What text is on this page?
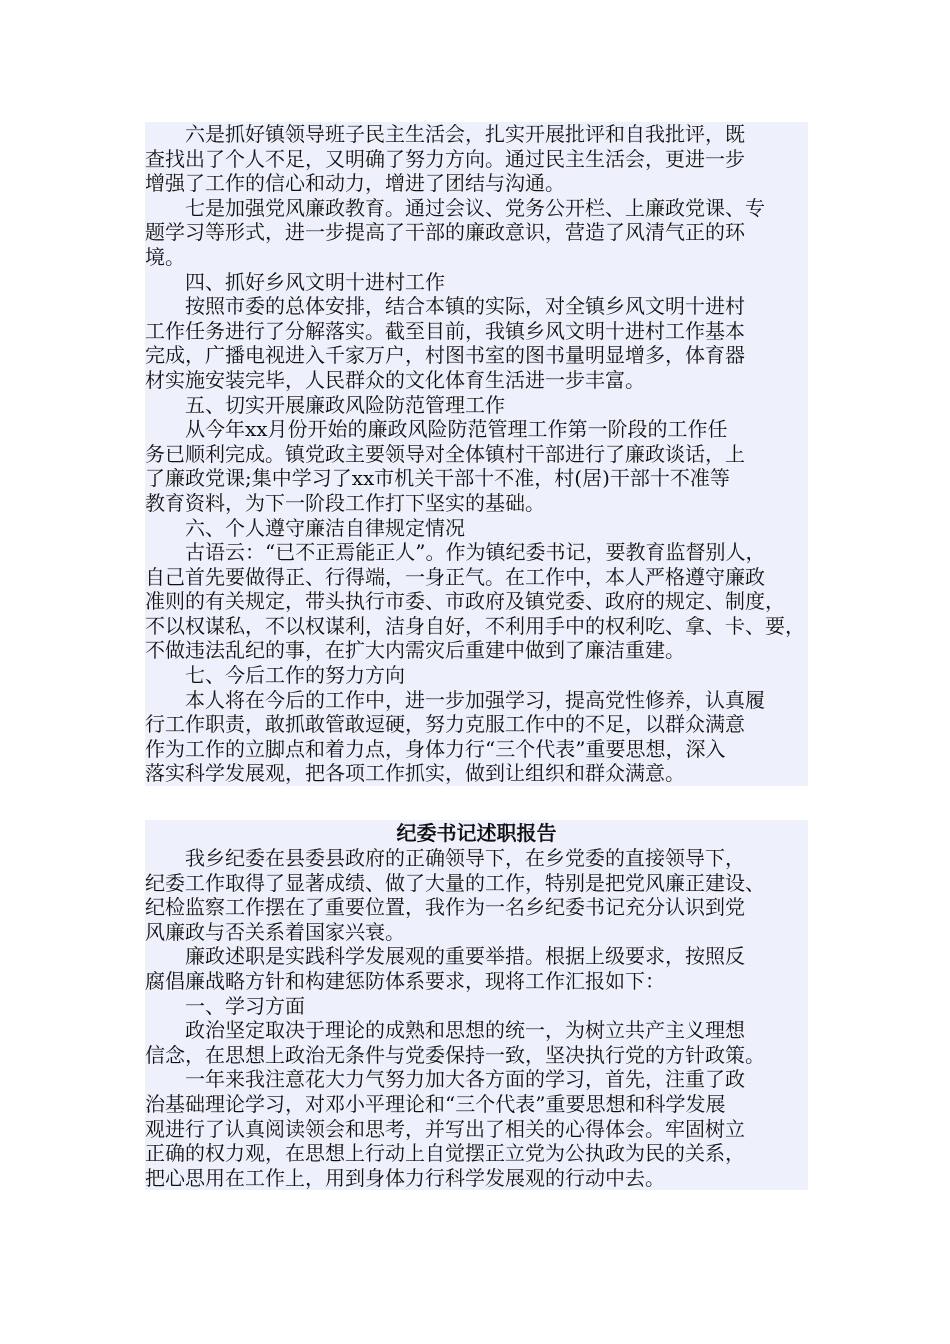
　　六是抓好镇领导班子民主生活会，扎实开展批评和自我批评，既
查找出了个人不足，又明确了努力方向。通过民主生活会，更进一步
增强了工作的信心和动力，增进了团结与沟通。
　　七是加强党风廉政教育。通过会议、党务公开栏、上廉政党课、专
题学习等形式，进一步提高了干部的廉政意识，营造了风清气正的环
境。
　　四、抓好乡风文明十进村工作
　　按照市委的总体安排，结合本镇的实际，对全镇乡风文明十进村
工作任务进行了分解落实。截至目前，我镇乡风文明十进村工作基本
完成，广播电视进入千家万户，村图书室的图书量明显增多，体育器
材实施安装完毕，人民群众的文化体育生活进一步丰富。
　　五、切实开展廉政风险防范管理工作
　　从今年xx月份开始的廉政风险防范管理工作第一阶段的工作任
务已顺利完成。镇党政主要领导对全体镇村干部进行了廉政谈话，上
了廉政党课;集中学习了xx市机关干部十不准，村(居)干部十不准等
教育资料，为下一阶段工作打下坚实的基础。
　　六、个人遵守廉洁自律规定情况
　　古语云：“已不正焉能正人”。作为镇纪委书记，要教育监督别人，
自己首先要做得正、行得端，一身正气。在工作中，本人严格遵守廉政
准则的有关规定，带头执行市委、市政府及镇党委、政府的规定、制度，
不以权谋私，不以权谋利，洁身自好，不利用手中的权利吃、拿、卡、要，
不做违法乱纪的事，在扩大内需灾后重建中做到了廉洁重建。
　　七、今后工作的努力方向
　　本人将在今后的工作中，进一步加强学习，提高党性修养，认真履
行工作职责，敢抓敢管敢逗硬，努力克服工作中的不足，以群众满意
作为工作的立脚点和着力点，身体力行“三个代表”重要思想，深入
落实科学发展观，把各项工作抓实，做到让组织和群众满意。
纪委书记述职报告
　　我乡纪委在县委县政府的正确领导下，在乡党委的直接领导下，
纪委工作取得了显著成绩、做了大量的工作，特别是把党风廉正建设、
纪检监察工作摆在了重要位置，我作为一名乡纪委书记充分认识到党
风廉政与否关系着国家兴衰。
　　廉政述职是实践科学发展观的重要举措。根据上级要求，按照反
腐倡廉战略方针和构建惩防体系要求，现将工作汇报如下：
　　一、学习方面
　　政治坚定取决于理论的成熟和思想的统一，为树立共产主义理想
信念，在思想上政治无条件与党委保持一致，坚决执行党的方针政策。
　　一年来我注意花大力气努力加大各方面的学习，首先，注重了政
治基础理论学习，对邓小平理论和“三个代表”重要思想和科学发展
观进行了认真阅读领会和思考，并写出了相关的心得体会。牢固树立
正确的权力观，在思想上行动上自觉摆正立党为公执政为民的关系，
把心思用在工作上，用到身体力行科学发展观的行动中去。
